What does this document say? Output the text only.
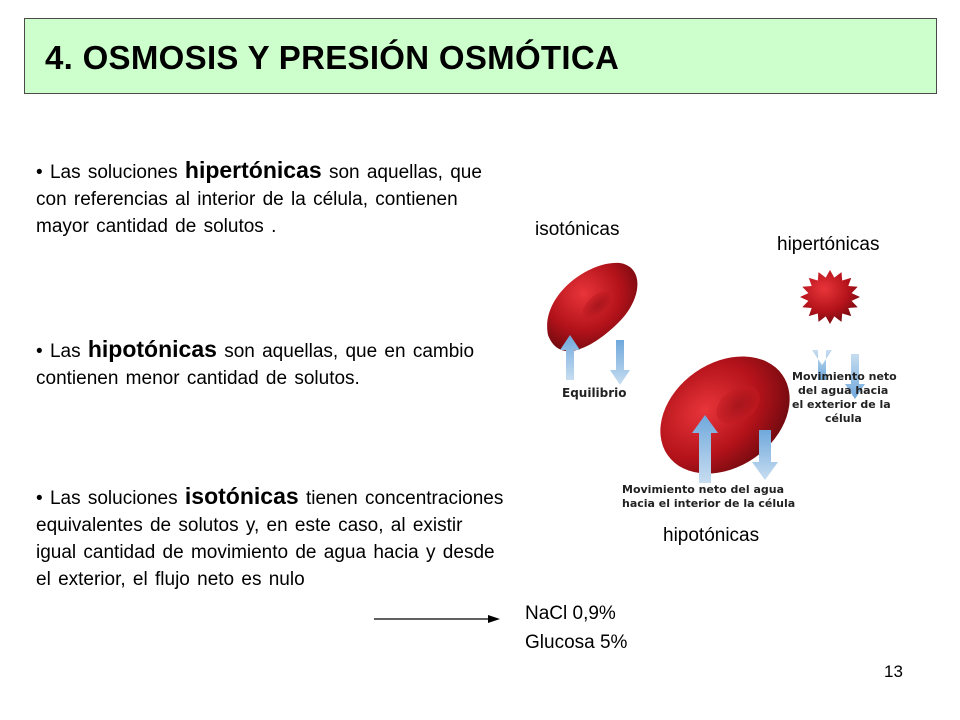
4. OSMOSIS Y PRESIÓN OSMÓTICA
• Las soluciones hipertónicas son aquellas, que con referencias al interior de la célula, contienen mayor cantidad de solutos .
• Las hipotónicas son aquellas, que en cambio contienen menor cantidad de solutos.
• Las soluciones isotónicas tienen concentraciones equivalentes de solutos y, en este caso, al existir igual cantidad de movimiento de agua hacia y desde el exterior, el flujo neto es nulo
isotónicas
hipertónicas
hipotónicas
Equilibrio
Movimiento neto del agua hacia el exterior de la célula
Movimiento neto del agua hacia el interior de la célula
NaCl 0,9%
Glucosa 5%
13
